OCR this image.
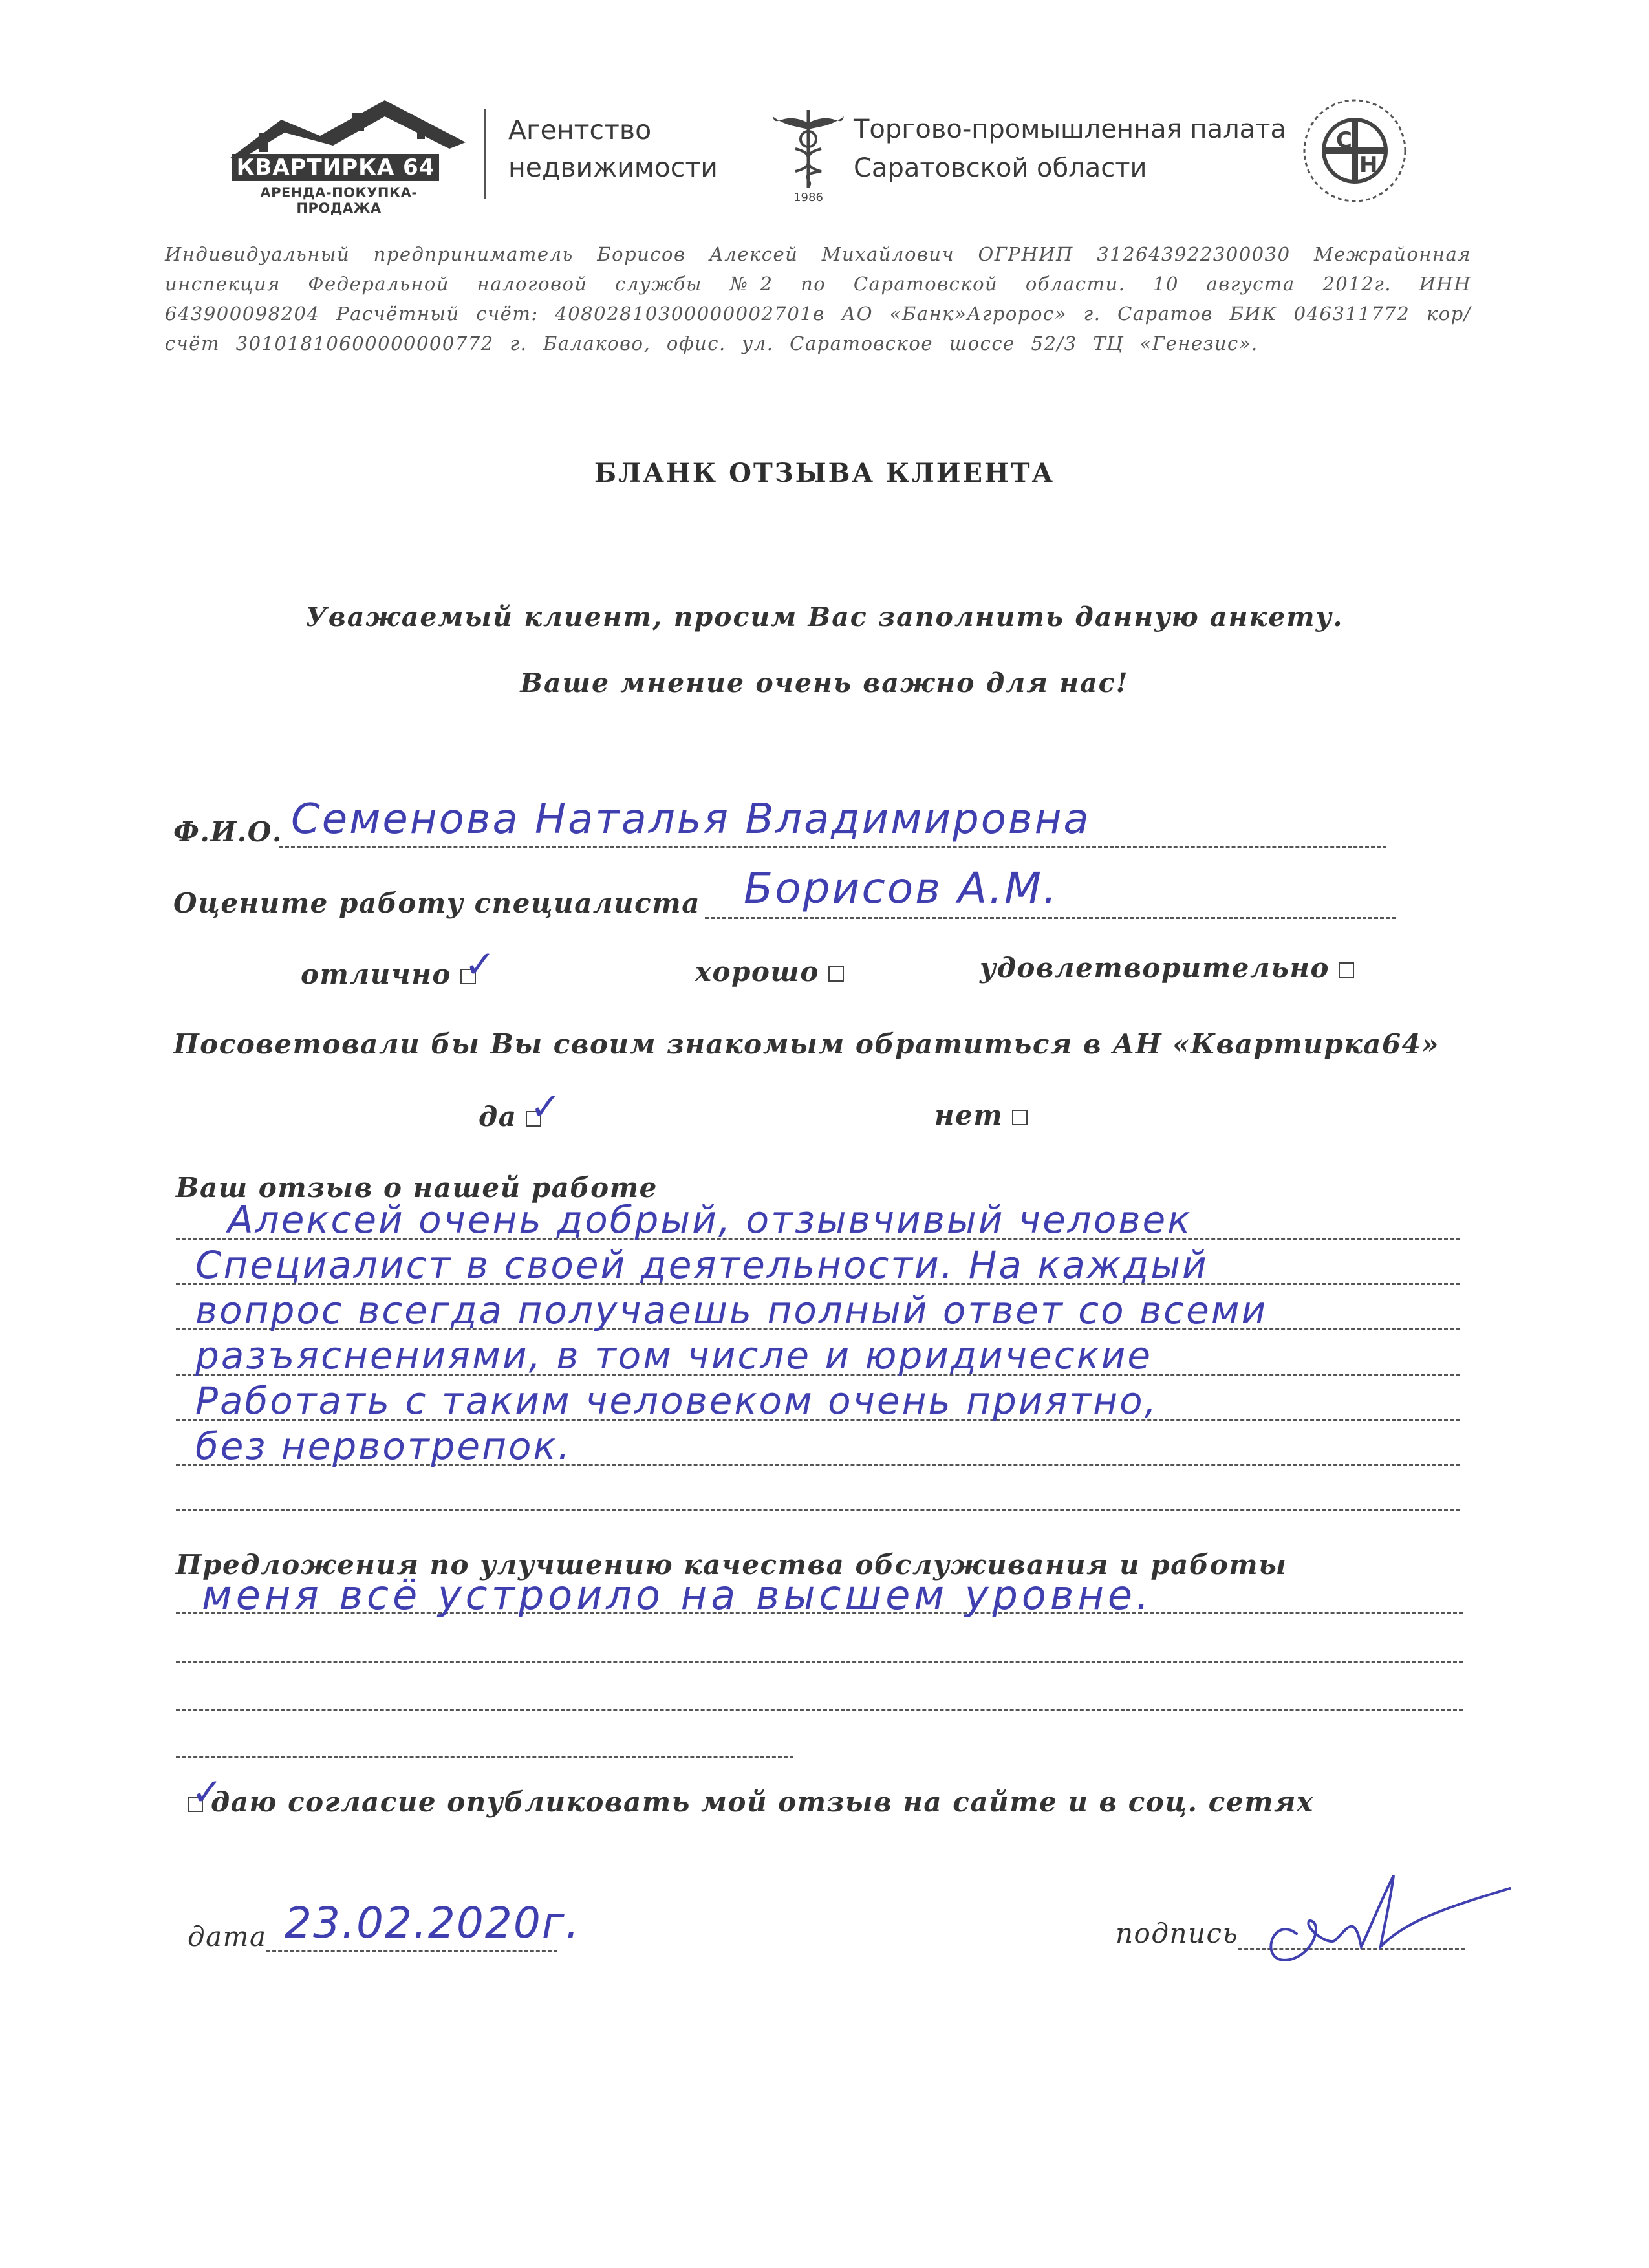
КВАРТИРКА 64
АРЕНДА-ПОКУПКА-ПРОДАЖА
Агентство
недвижимости
1986
Торгово-промышленная палата
Саратовской области
C
H
Индивидуальный предприниматель Борисов Алексей Михайлович ОГРНИП 312643922300030 Межрайонная инспекция Федеральной налоговой службы №2 по Саратовской области. 10 августа 2012г. ИНН 643900098204 Расчётный счёт: 40802810300000002701в АО «Банк»Агророс» г. Саратов БИК 046311772 кор/счёт 30101810600000000772 г. Балаково, офис. ул. Саратовское шоссе 52/3 ТЦ «Генезис».
БЛАНК ОТЗЫВА КЛИЕНТА
Уважаемый клиент, просим Вас заполнить данную анкету.
Ваше мнение очень важно для нас!
Ф.И.О. Семенова Наталья Владимировна
Оцените работу специалиста Борисов А.М.
отлично ✓	хорошо	удовлетворительно
Посоветовали бы Вы своим знакомым обратиться в АН «Квартирка64»
да ✓	нет
Ваш отзыв о нашей работе
Алексей очень добрый, отзывчивый человек
Специалист в своей деятельности. На каждый
вопрос всегда получаешь полный ответ со всеми
разъяснениями, в том числе и юридические
Работать с таким человеком очень приятно,
без нервотрепок.
Предложения по улучшению качества обслуживания и работы
меня всё устроило на высшем уровне.
✓
даю согласие опубликовать мой отзыв на сайте и в соц. сетях
дата 23.02.2020г.	подпись
